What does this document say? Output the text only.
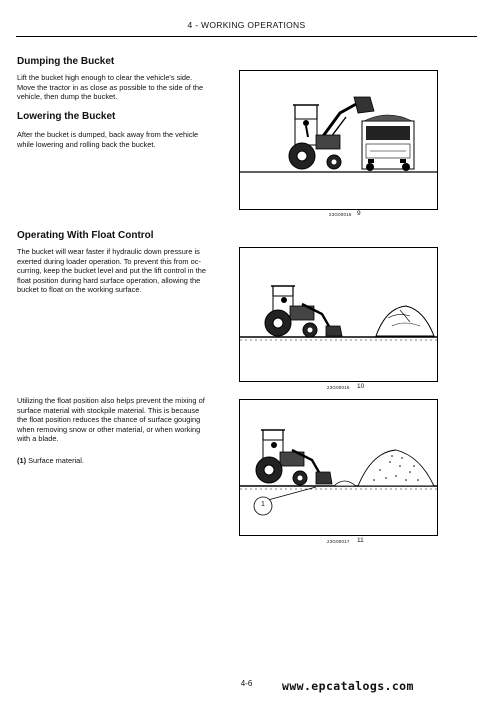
4 - WORKING OPERATIONS
Dumping the Bucket
Lift the bucket high enough to clear the vehicle's side.
Move the tractor in as close as possible to the side of the
vehicle, then dump the bucket.
Lowering the Bucket
After the bucket is dumped, back away from the vehicle
while lowering and rolling back the bucket.
23G00015 9
Operating With Float Control
The bucket will wear faster if hydraulic down pressure is
exerted during loader operation. To prevent this from oc-
curring, keep the bucket level and put the lift control in the
float position during hard surface operation, allowing the
bucket to float on the working surface.
23G00016 10
Utilizing the float position also helps prevent the mixing of
surface material with stockpile material. This is because
the float position reduces the chance of surface gouging
when removing snow or other material, or when working
with a blade.
(1) Surface material.
1
23G00017 11
4-6	www.epcatalogs.com
